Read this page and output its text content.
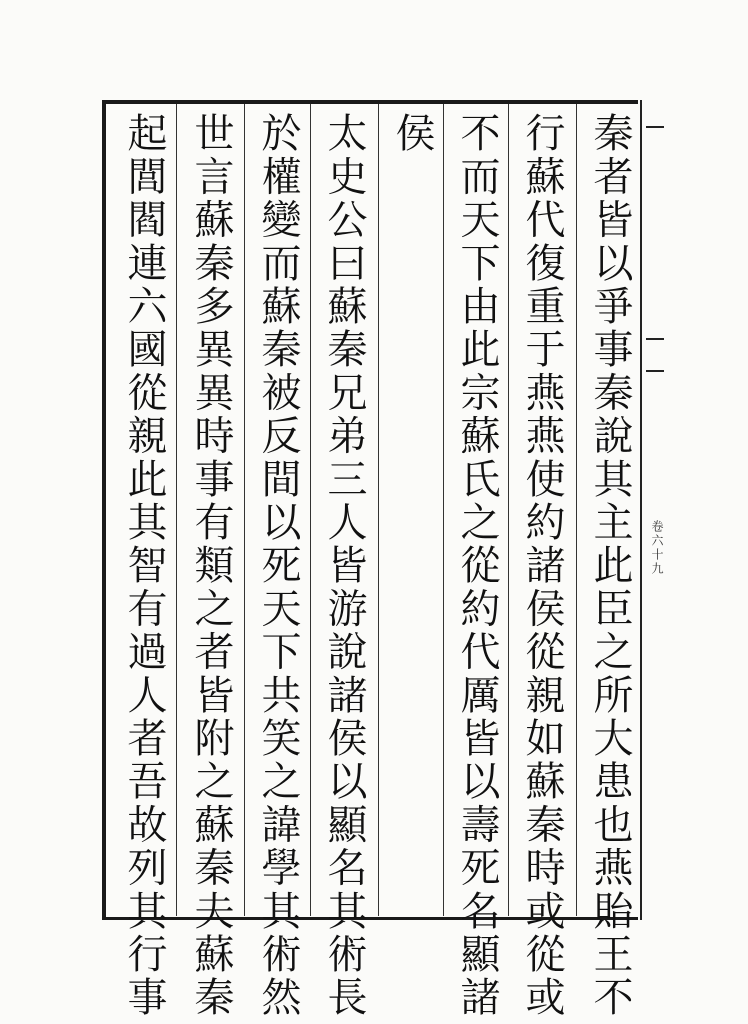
卷六十九
秦者皆以爭事秦說其主此臣之所大患也燕貽王不
行蘇代復重于燕燕使約諸侯從親如蘇秦時或從或
不而天下由此宗蘇氏之從約代厲皆以壽死名顯諸
侯
太史公曰蘇秦兄弟三人皆游說諸侯以顯名其術長
於權變而蘇秦被反間以死天下共笑之諱學其術然
世言蘇秦多異異時事有類之者皆附之蘇秦夫蘇秦
起閭閻連六國從親此其智有過人者吾故列其行事
